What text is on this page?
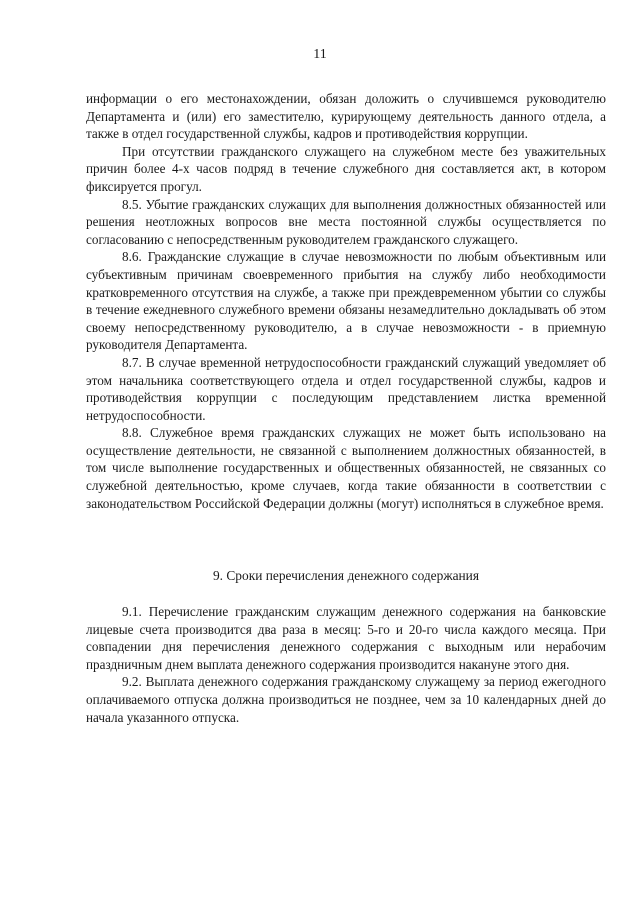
11

информации о его местонахождении, обязан доложить о случившемся руководителю Департамента и (или) его заместителю, курирующему деятельность данного отдела, а также в отдел государственной службы, кадров и противодействия коррупции.

При отсутствии гражданского служащего на служебном месте без уважительных причин более 4-х часов подряд в течение служебного дня составляется акт, в котором фиксируется прогул.

8.5. Убытие гражданских служащих для выполнения должностных обязанностей или решения неотложных вопросов вне места постоянной службы осуществляется по согласованию с непосредственным руководителем гражданского служащего.

8.6. Гражданские служащие в случае невозможности по любым объективным или субъективным причинам своевременного прибытия на службу либо необходимости кратковременного отсутствия на службе, а также при преждевременном убытии со службы в течение ежедневного служебного времени обязаны незамедлительно докладывать об этом своему непосредственному руководителю, а в случае невозможности - в приемную руководителя Департамента.

8.7. В случае временной нетрудоспособности гражданский служащий уведомляет об этом начальника соответствующего отдела и отдел государственной службы, кадров и противодействия коррупции с последующим представлением листка временной нетрудоспособности.

8.8. Служебное время гражданских служащих не может быть использовано на осуществление деятельности, не связанной с выполнением должностных обязанностей, в том числе выполнение государственных и общественных обязанностей, не связанных со служебной деятельностью, кроме случаев, когда такие обязанности в соответствии с законодательством Российской Федерации должны (могут) исполняться в служебное время.

9. Сроки перечисления денежного содержания

9.1. Перечисление гражданским служащим денежного содержания на банковские лицевые счета производится два раза в месяц: 5-го и 20-го числа каждого месяца. При совпадении дня перечисления денежного содержания с выходным или нерабочим праздничным днем выплата денежного содержания производится накануне этого дня.

9.2. Выплата денежного содержания гражданскому служащему за период ежегодного оплачиваемого отпуска должна производиться не позднее, чем за 10 календарных дней до начала указанного отпуска.
